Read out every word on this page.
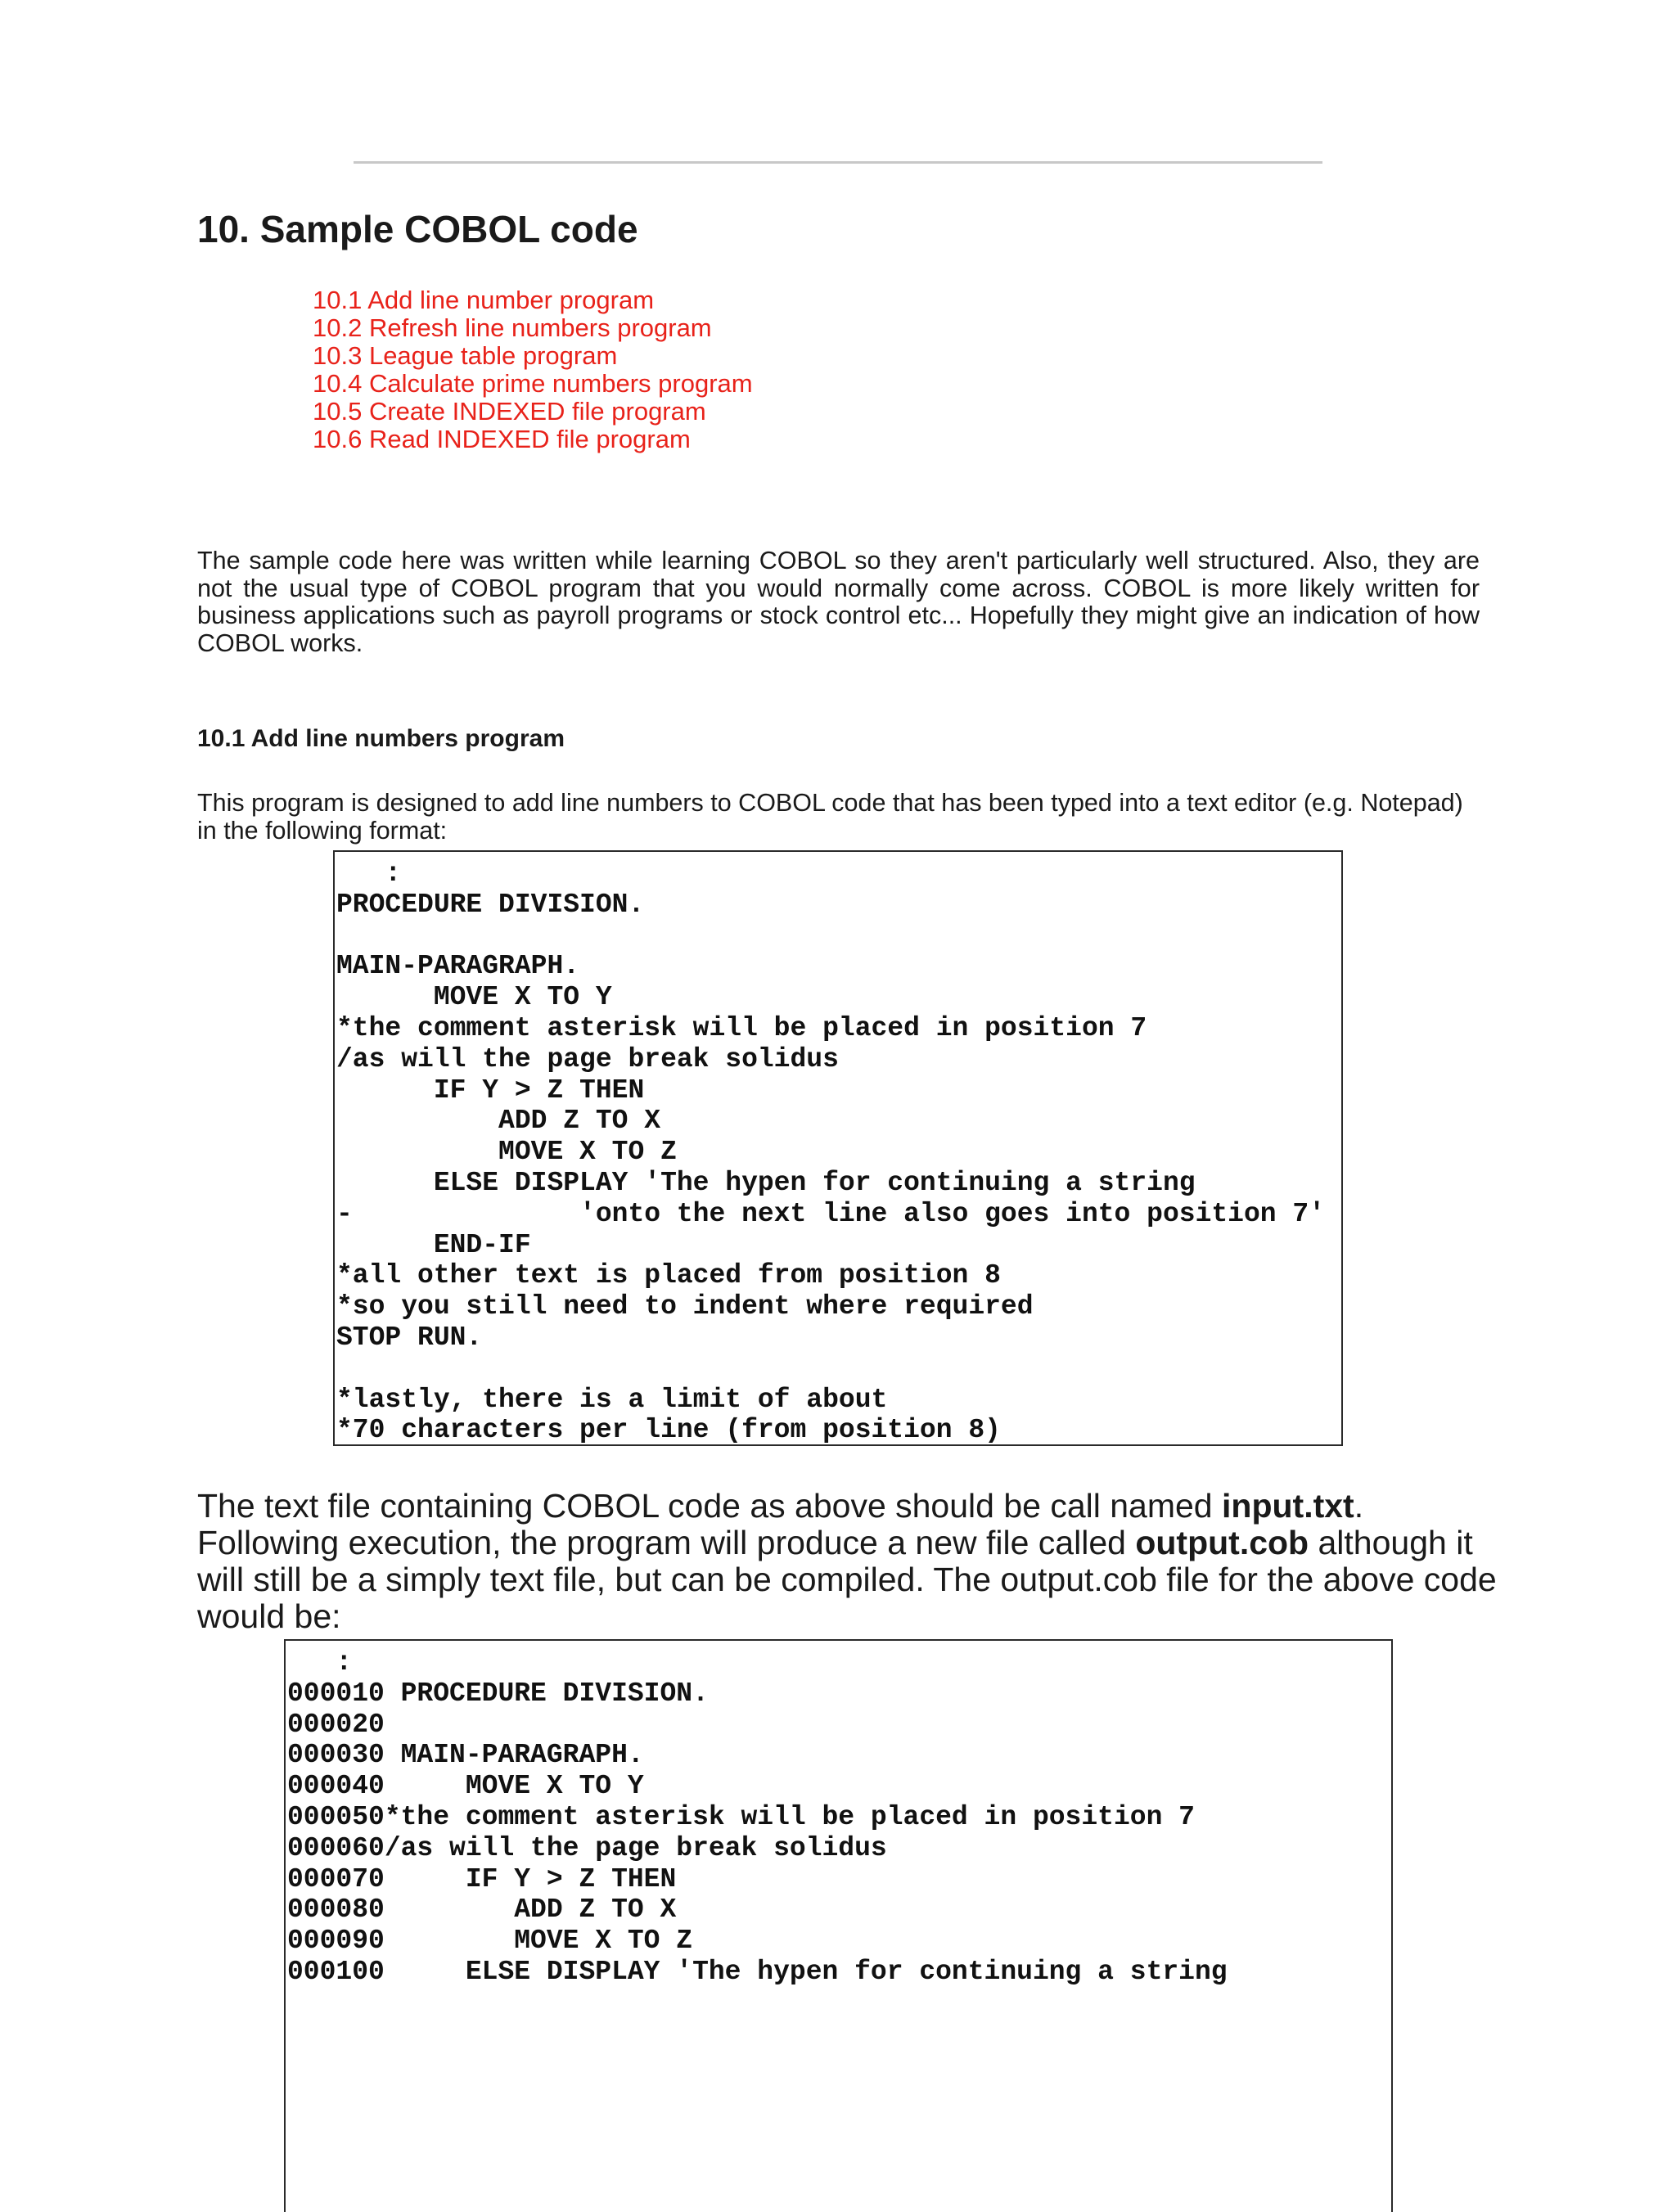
10. Sample COBOL code
10.1 Add line number program
10.2 Refresh line numbers program
10.3 League table program
10.4 Calculate prime numbers program
10.5 Create INDEXED file program
10.6 Read INDEXED file program

The sample code here was written while learning COBOL so they aren't particularly well structured. Also, they are not the usual type of COBOL program that you would normally come across. COBOL is more likely written for business applications such as payroll programs or stock control etc... Hopefully they might give an indication of how COBOL works.

10.1 Add line numbers program

This program is designed to add line numbers to COBOL code that has been typed into a text editor (e.g. Notepad) in the following format:

:
PROCEDURE DIVISION.

MAIN-PARAGRAPH.
MOVE X TO Y
*the comment asterisk will be placed in position 7
/as will the page break solidus
IF Y > Z THEN
ADD Z TO X
MOVE X TO Z
ELSE DISPLAY 'The hypen for continuing a string
-              'onto the next line also goes into position 7'
END-IF
*all other text is placed from position 8
*so you still need to indent where required
STOP RUN.

*lastly, there is a limit of about
*70 characters per line (from position 8)
The text file containing COBOL code as above should be call named input.txt.
Following execution, the program will produce a new file called output.cob although it
will still be a simply text file, but can be compiled. The output.cob file for the above code
would be:
:
000010 PROCEDURE DIVISION.
000020
000030 MAIN-PARAGRAPH.
000040     MOVE X TO Y
000050*the comment asterisk will be placed in position 7
000060/as will the page break solidus
000070     IF Y > Z THEN
000080        ADD Z TO X
000090        MOVE X TO Z
000100     ELSE DISPLAY 'The hypen for continuing a string
